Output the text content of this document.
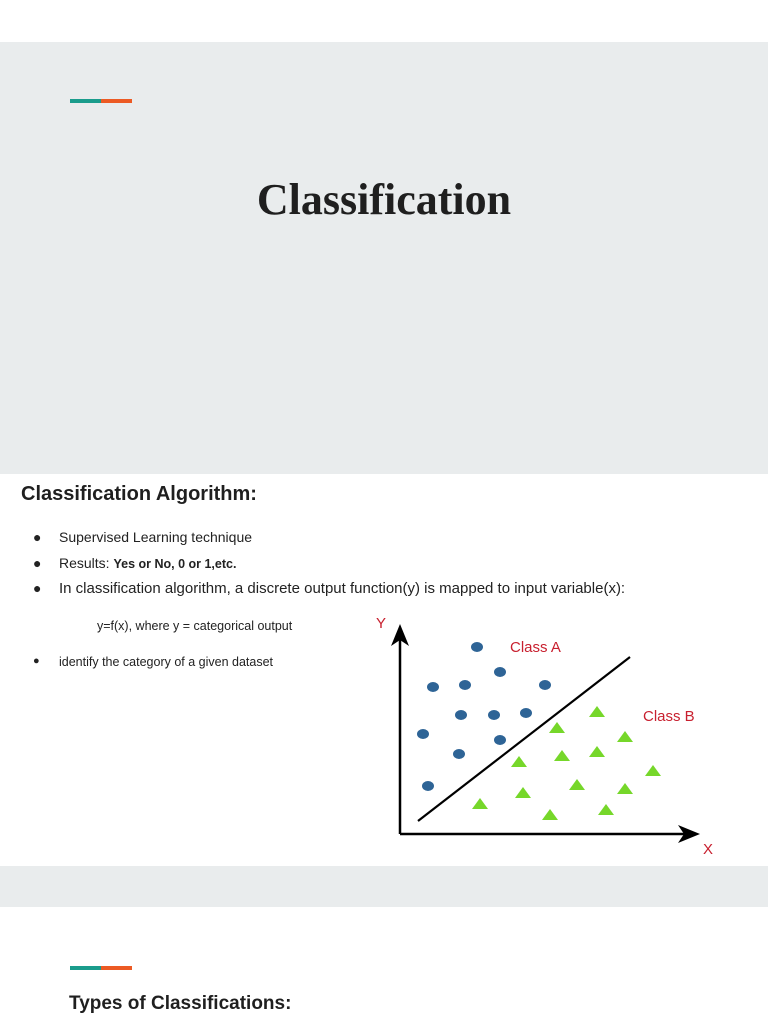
Classification
Classification Algorithm:
● Supervised Learning technique
● Results: Yes or No, 0 or 1,etc.
● In classification algorithm, a discrete output function(y) is mapped to input variable(x):
y=f(x), where y = categorical output
● identify the category of a given dataset
X
Y
Class A
Class B
Types of Classifications:
